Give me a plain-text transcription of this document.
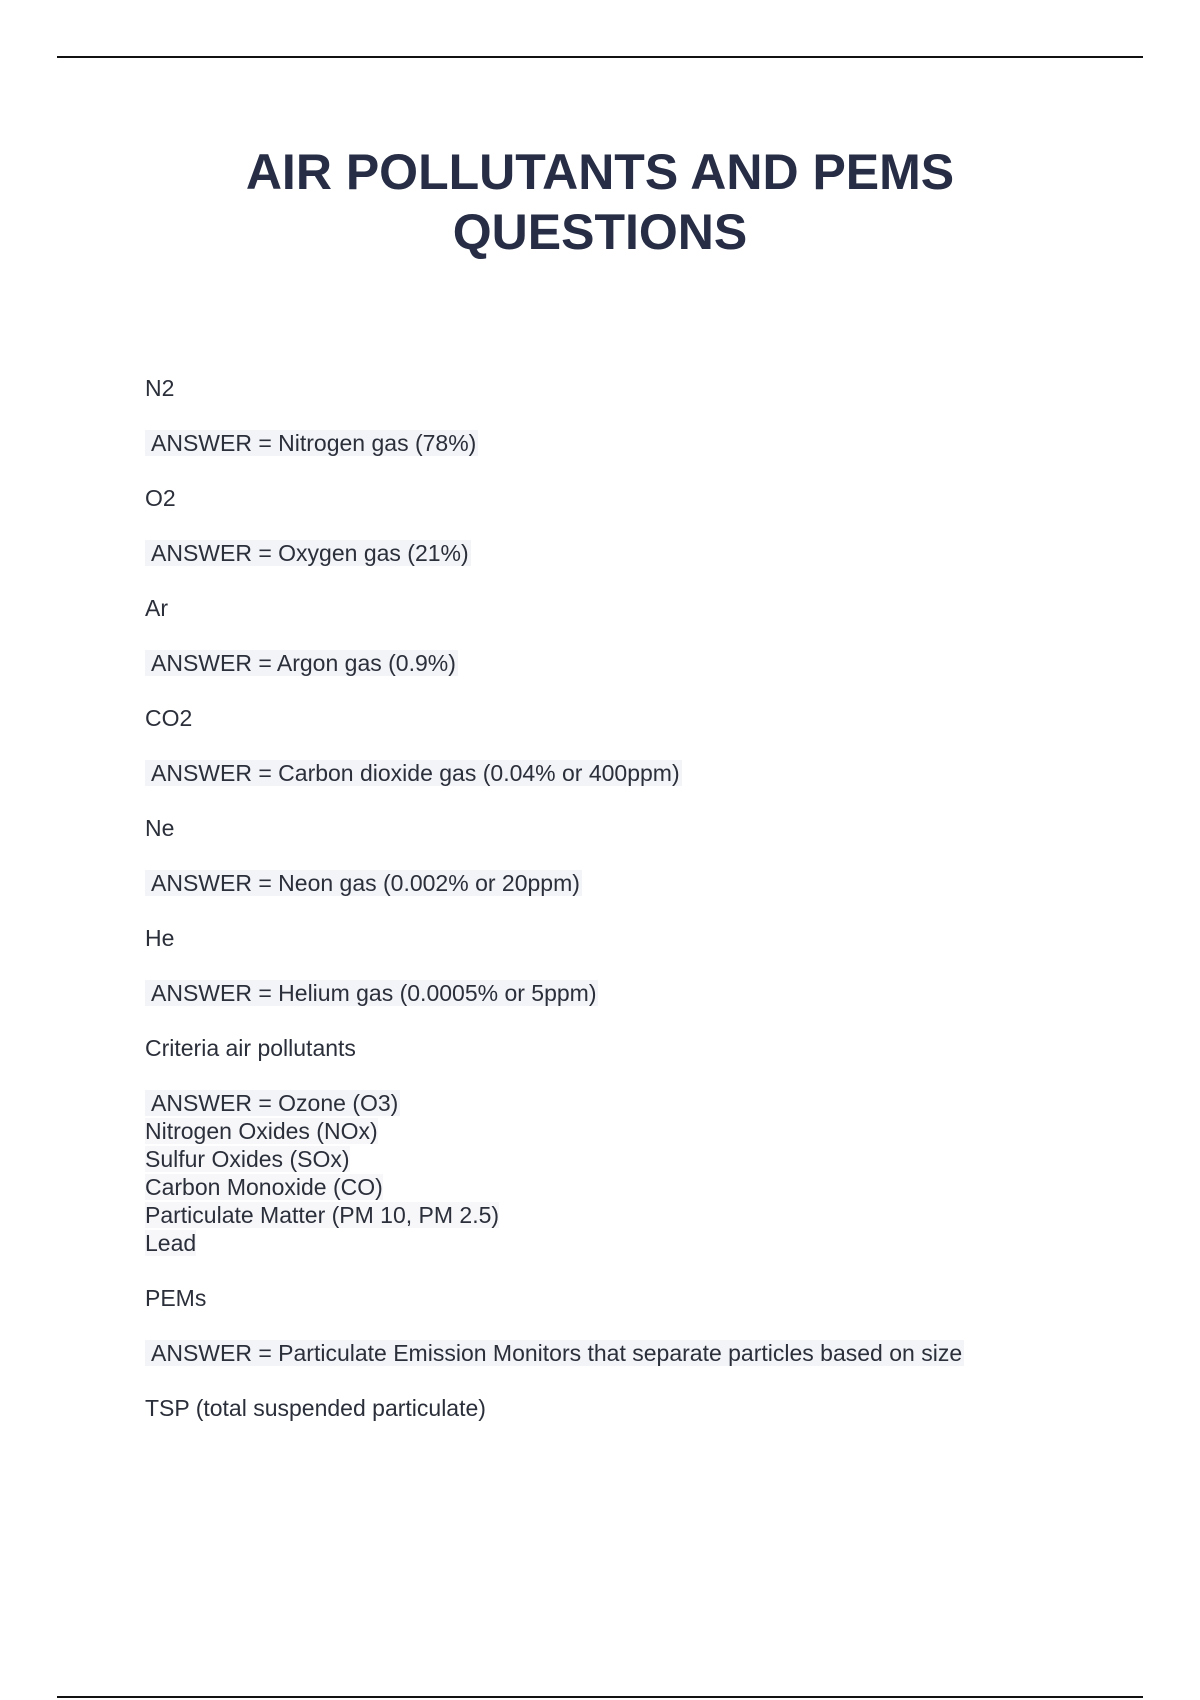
AIR POLLUTANTS AND PEMS
QUESTIONS
N2
ANSWER = Nitrogen gas (78%)
O2
ANSWER = Oxygen gas (21%)
Ar
ANSWER = Argon gas (0.9%)
CO2
ANSWER = Carbon dioxide gas (0.04% or 400ppm)
Ne
ANSWER = Neon gas (0.002% or 20ppm)
He
ANSWER = Helium gas (0.0005% or 5ppm)
Criteria air pollutants
ANSWER = Ozone (O3)
Nitrogen Oxides (NOx)
Sulfur Oxides (SOx)
Carbon Monoxide (CO)
Particulate Matter (PM 10, PM 2.5)
Lead
PEMs
ANSWER = Particulate Emission Monitors that separate particles based on size
TSP (total suspended particulate)
